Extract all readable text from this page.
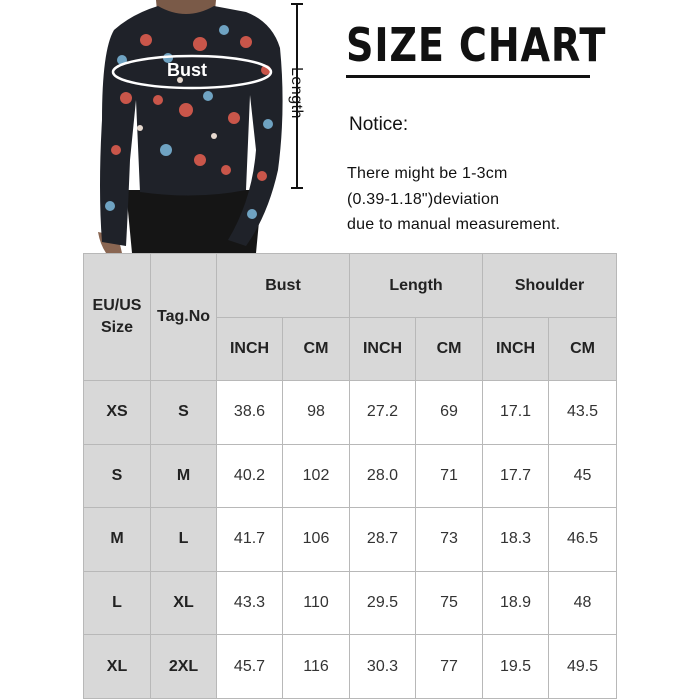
Bust	Length
SIZE CHART
Notice:
There might be 1-3cm
(0.39-1.18")deviation
due to manual measurement.
EU/US
Size	Tag.No	Bust		Length		Shoulder	
		INCH	CM	INCH	CM	INCH	CM
XS	S	38.6	98	27.2	69	17.1	43.5
S	M	40.2	102	28.0	71	17.7	45
M	L	41.7	106	28.7	73	18.3	46.5
L	XL	43.3	110	29.5	75	18.9	48
XL	2XL	45.7	116	30.3	77	19.5	49.5
